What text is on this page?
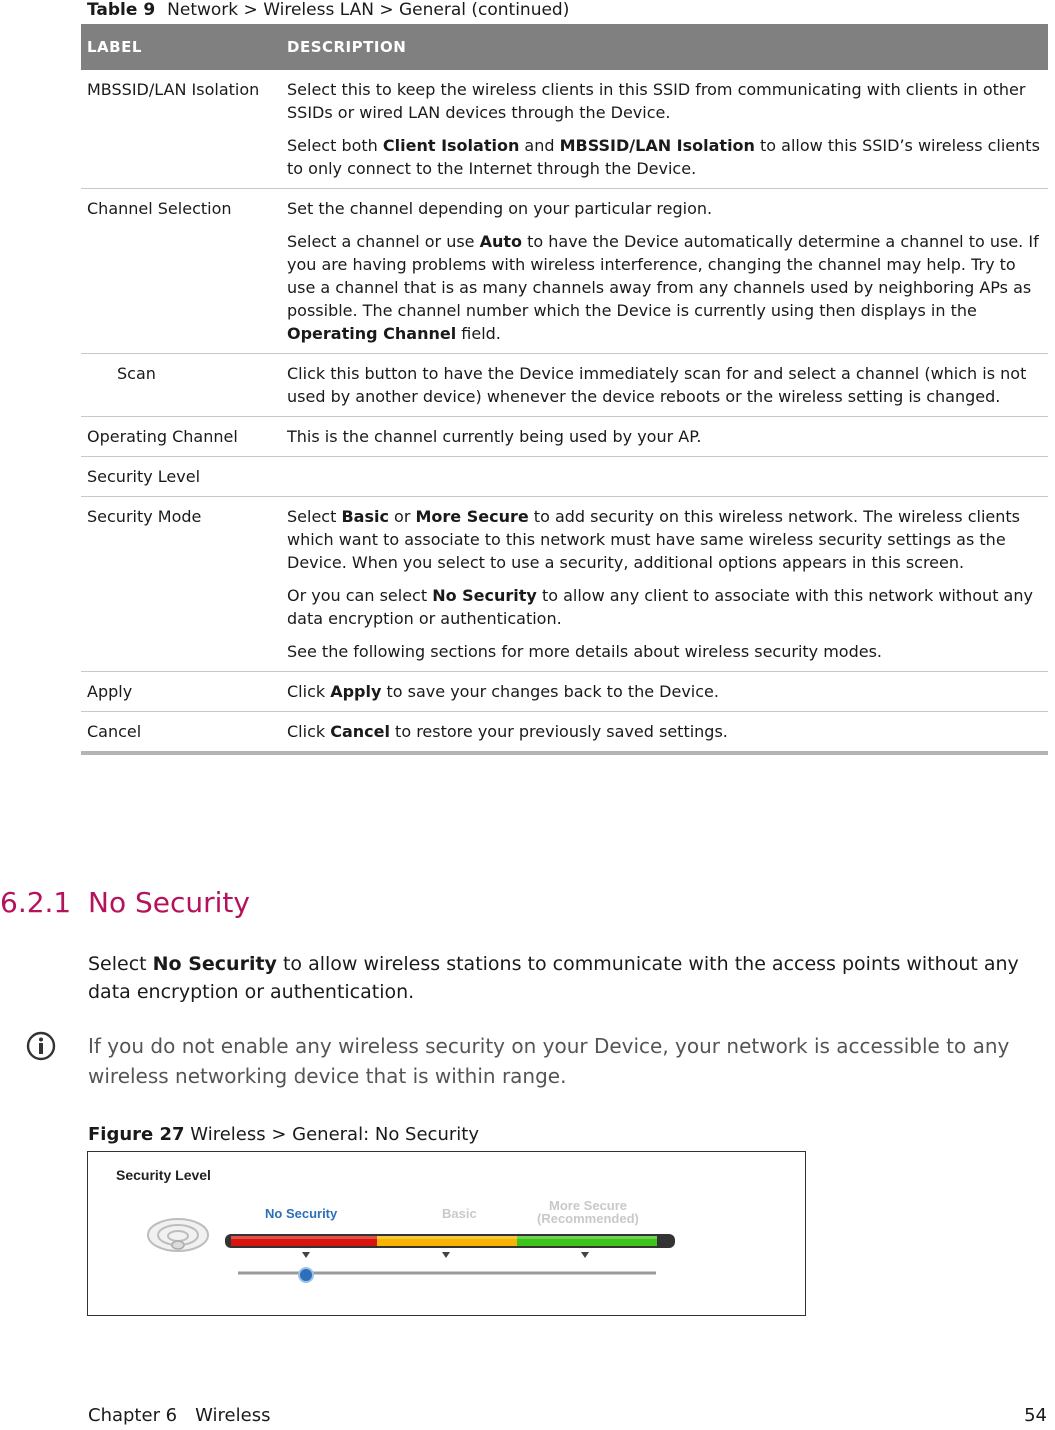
Table 9 Network > Wireless LAN > General (continued)
LABEL	DESCRIPTION
MBSSID/LAN Isolation	Select this to keep the wireless clients in this SSID from communicating with clients in other SSIDs or wired LAN devices through the Device.

Select both Client Isolation and MBSSID/LAN Isolation to allow this SSID’s wireless clients to only connect to the Internet through the Device.

Channel Selection	Set the channel depending on your particular region.

Select a channel or use Auto to have the Device automatically determine a channel to use. If you are having problems with wireless interference, changing the channel may help. Try to use a channel that is as many channels away from any channels used by neighboring APs as possible. The channel number which the Device is currently using then displays in the Operating Channel field.

Scan	Click this button to have the Device immediately scan for and select a channel (which is not used by another device) whenever the device reboots or the wireless setting is changed.

Operating Channel	This is the channel currently being used by your AP.

Security Level	
Security Mode	Select Basic or More Secure to add security on this wireless network. The wireless clients which want to associate to this network must have same wireless security settings as the Device. When you select to use a security, additional options appears in this screen.

Or you can select No Security to allow any client to associate with this network without any data encryption or authentication.

See the following sections for more details about wireless security modes.

Apply	Click Apply to save your changes back to the Device.

Cancel	Click Cancel to restore your previously saved settings.

6.2.1 No Security
Select No Security to allow wireless stations to communicate with the access points without any data encryption or authentication.
If you do not enable any wireless security on your Device, your network is accessible to any wireless networking device that is within range.
Figure 27 Wireless > General: No Security
Security Level
No Security	Basic
More Secure
(Recommended)
Chapter 6 Wireless	54
